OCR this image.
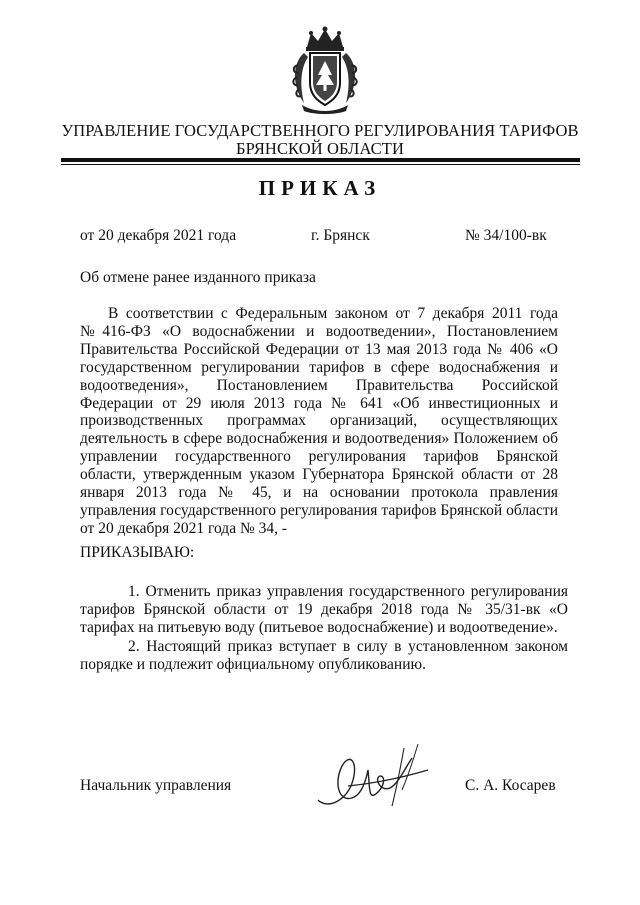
УПРАВЛЕНИЕ ГОСУДАРСТВЕННОГО РЕГУЛИРОВАНИЯ ТАРИФОВ
БРЯНСКОЙ ОБЛАСТИ
ПРИКАЗ
от 20 декабря 2021 года	г. Брянск	№ 34/100-вк
Об отмене ранее изданного приказа

В соответствии с Федеральным законом от 7 декабря 2011 года №416-ФЗ «О водоснабжении и водоотведении», Постановлением Правительства Российской Федерации от 13 мая 2013 года № 406 «О государственном регулировании тарифов в сфере водоснабжения и водоотведения», Постановлением Правительства Российской Федерации от 29 июля 2013 года № 641 «Об инвестиционных и производственных программах организаций, осуществляющих деятельность в сфере водоснабжения и водоотведения» Положением об управлении государственного регулирования тарифов Брянской области, утвержденным указом Губернатора Брянской области от 28 января 2013 года № 45, и на основании протокола правления управления государственного регулирования тарифов Брянской области от 20 декабря 2021 года № 34, -

ПРИКАЗЫВАЮ:

1. Отменить приказ управления государственного регулирования тарифов Брянской области от 19 декабря 2018 года № 35/31-вк «О тарифах на питьевую воду (питьевое водоснабжение) и водоотведение».

2. Настоящий приказ вступает в силу в установленном законом порядке и подлежит официальному опубликованию.

Начальник управления	С. А. Косарев
